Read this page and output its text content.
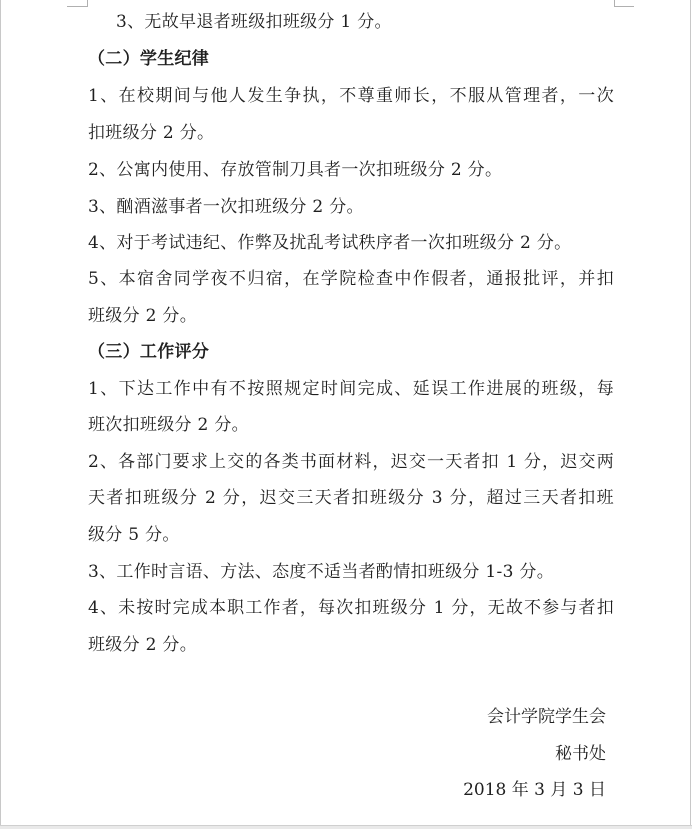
3、无故早退者班级扣班级分 1 分。
（二）学生纪律
1、在校期间与他人发生争执，不尊重师长，不服从管理者，一次
扣班级分 2 分。
2、公寓内使用、存放管制刀具者一次扣班级分 2 分。
3、酗酒滋事者一次扣班级分 2 分。
4、对于考试违纪、作弊及扰乱考试秩序者一次扣班级分 2 分。
5、本宿舍同学夜不归宿，在学院检查中作假者，通报批评，并扣
班级分 2 分。
（三）工作评分
1、下达工作中有不按照规定时间完成、延误工作进展的班级，每
班次扣班级分 2 分。
2、各部门要求上交的各类书面材料，迟交一天者扣 1 分，迟交两
天者扣班级分 2 分，迟交三天者扣班级分 3 分，超过三天者扣班
级分 5 分。
3、工作时言语、方法、态度不适当者酌情扣班级分 1-3 分。
4、未按时完成本职工作者，每次扣班级分 1 分，无故不参与者扣
班级分 2 分。
会计学院学生会
秘书处
2018 年 3 月 3 日
